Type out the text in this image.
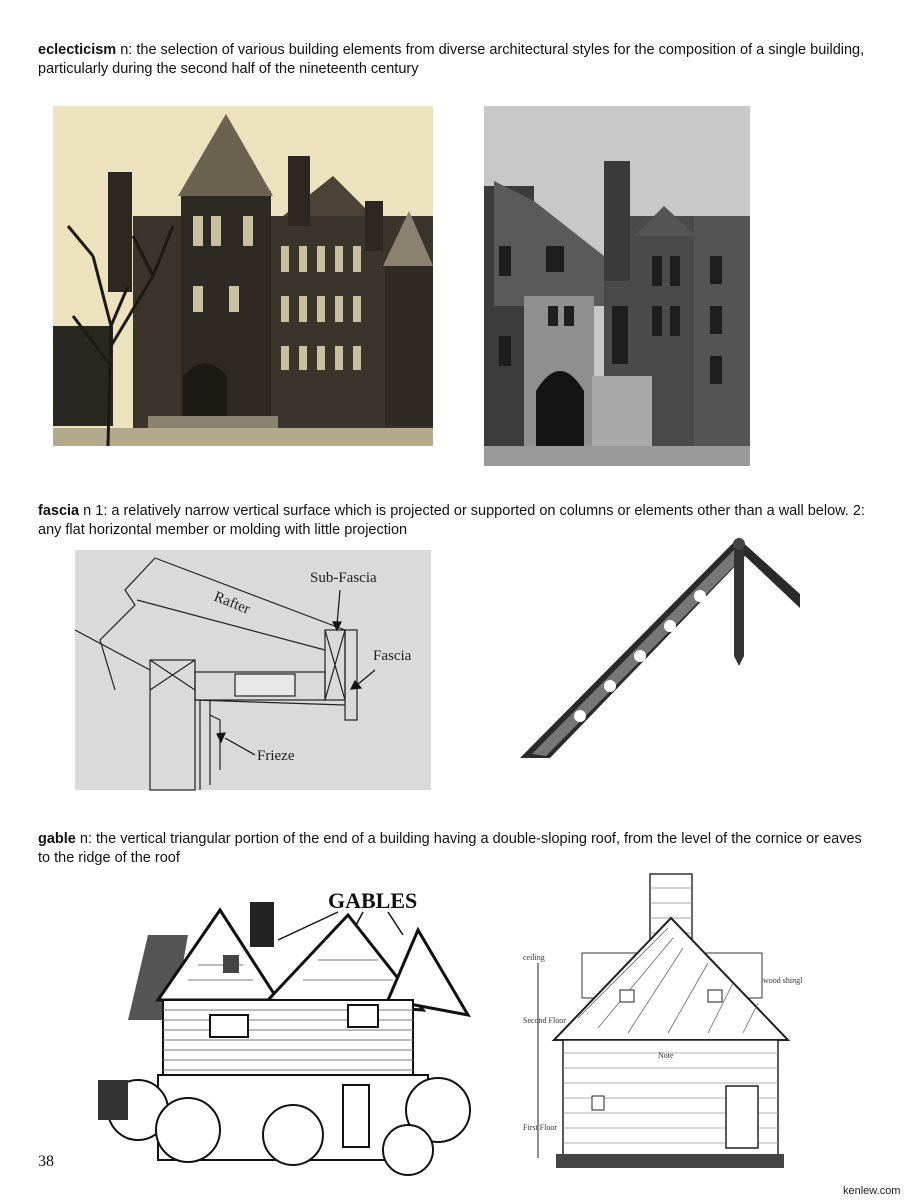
eclecticism n: the selection of various building elements from diverse architectural styles for the composition of a single building, particularly during the second half of the nineteenth century
fascia n 1: a relatively narrow vertical surface which is projected or supported on columns or elements other than a wall below. 2: any flat horizontal member or molding with little projection
Sub-Fascia
Rafter
Fascia
Frieze
gable n: the vertical triangular portion of the end of a building having a double-sloping roof, from the level of the cornice or eaves to the ridge of the roof
GABLES
ceiling
wood shingl
Second Floor
First Floor
Note
38
kenlew.com
